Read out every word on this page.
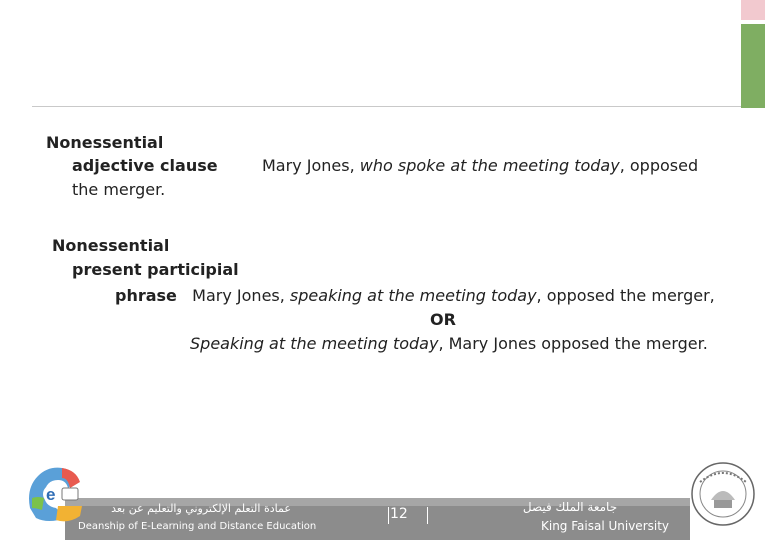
Nonessential
adjective clause
the merger.
Mary Jones, who spoke at the meeting today, opposed
Nonessential
present participial
phrase Mary Jones, speaking at the meeting today, opposed the merger,
OR
Speaking at the meeting today, Mary Jones opposed the merger.
عمادة التعلم الإلكتروني والتعليم عن بعد
Deanship of E-Learning and Distance Education
12	جامعة الملك فيصل
King Faisal University
e
